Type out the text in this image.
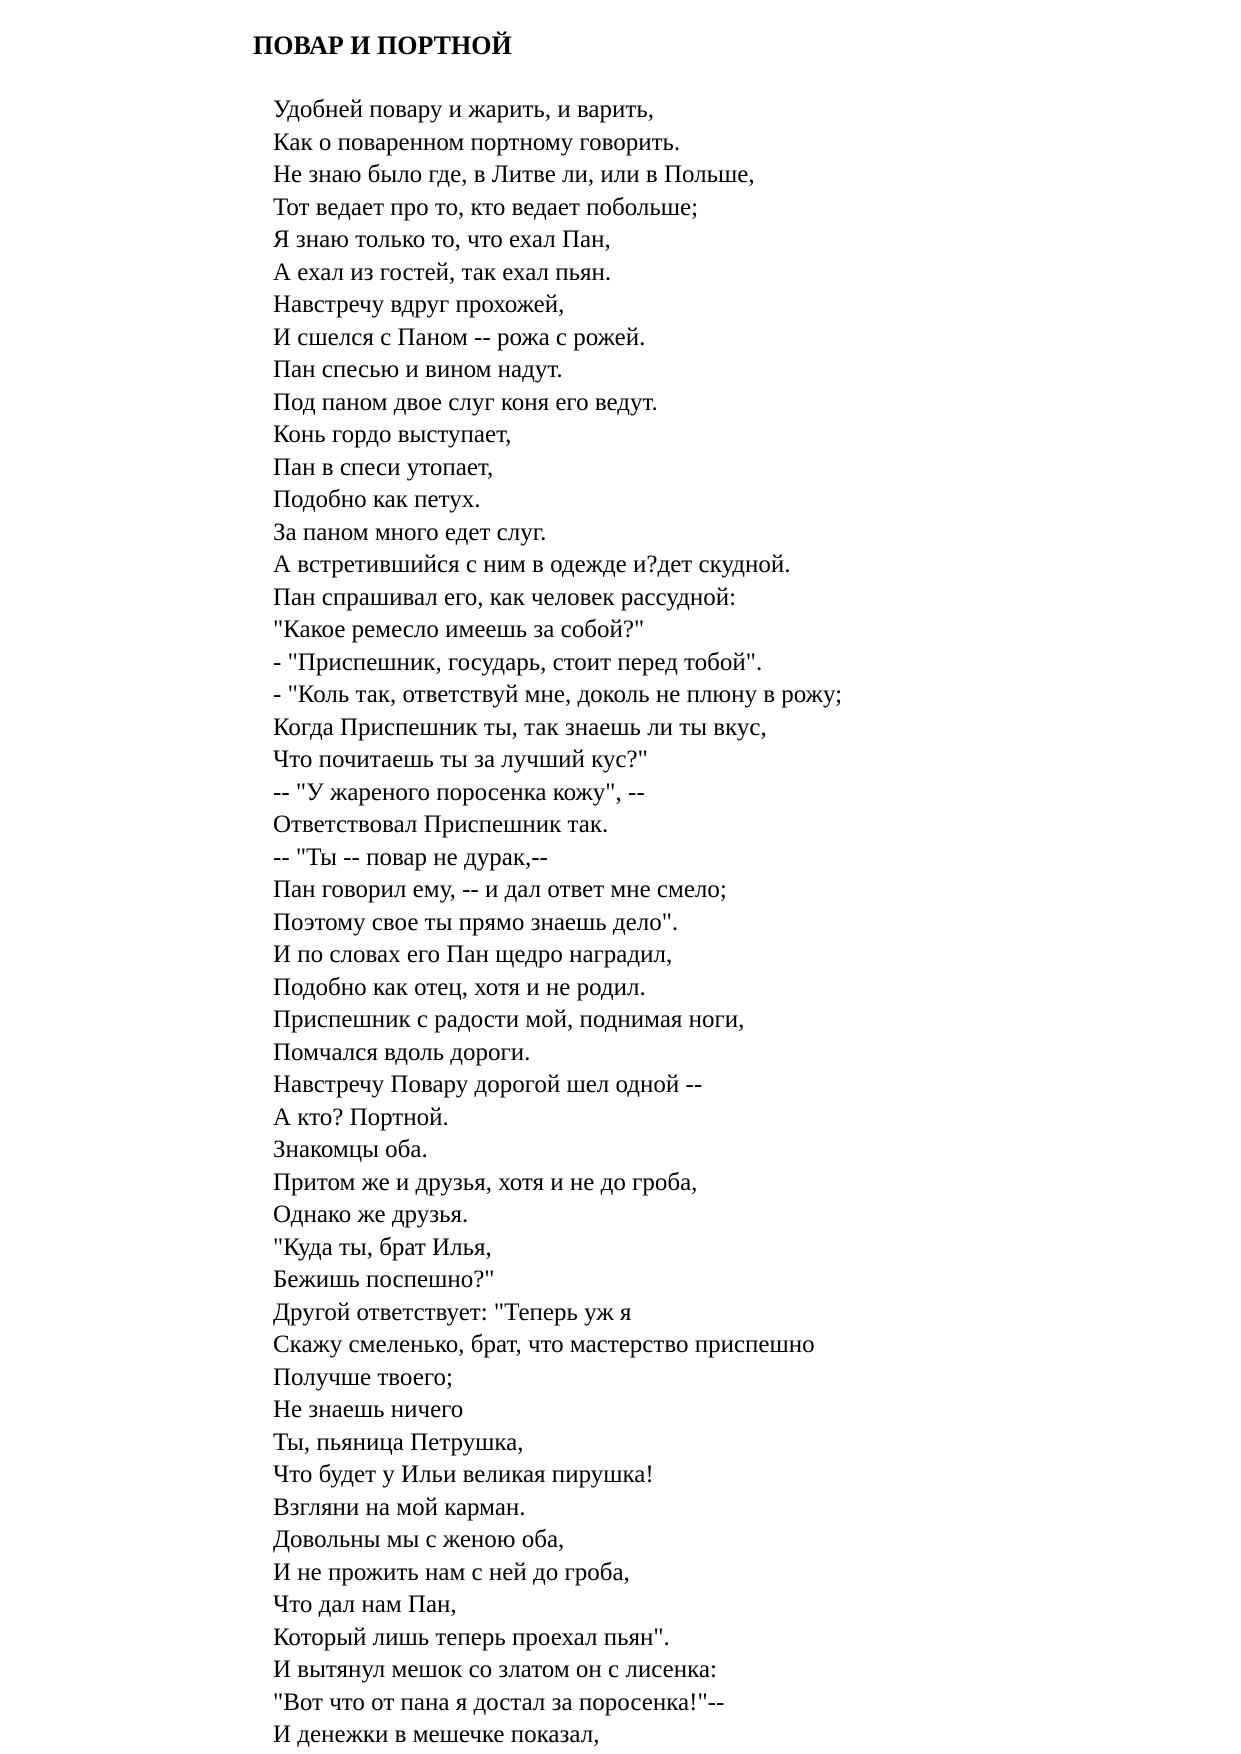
ПОВАР И ПОРТНОЙ
Удобней повару и жарить, и варить,
Как о поваренном портному говорить.
Не знаю было где, в Литве ли, или в Польше,
Тот ведает про то, кто ведает побольше;
Я знаю только то, что ехал Пан,
А ехал из гостей, так ехал пьян.
Навстречу вдруг прохожей,
И сшелся с Паном -- рожа с рожей.
Пан спесью и вином надут.
Под паном двое слуг коня его ведут.
Конь гордо выступает,
Пан в спеси утопает,
Подобно как петух.
За паном много едет слуг.
А встретившийся с ним в одежде и?дет скудной.
Пан спрашивал его, как человек рассудной:
"Какое ремесло имеешь за собой?"
- "Приспешник, государь, стоит перед тобой".
- "Коль так, ответствуй мне, доколь не плюну в рожу;
Когда Приспешник ты, так знаешь ли ты вкус,
Что почитаешь ты за лучший кус?"
-- "У жареного поросенка кожу", --
Ответствовал Приспешник так.
-- "Ты -- повар не дурак,--
Пан говорил ему, -- и дал ответ мне смело;
Поэтому свое ты прямо знаешь дело".
И по словах его Пан щедро наградил,
Подобно как отец, хотя и не родил.
Приспешник с радости мой, поднимая ноги,
Помчался вдоль дороги.
Навстречу Повару дорогой шел одной --
А кто? Портной.
Знакомцы оба.
Притом же и друзья, хотя и не до гроба,
Однако же друзья.
"Куда ты, брат Илья,
Бежишь поспешно?"
Другой ответствует: "Теперь уж я
Скажу смеленько, брат, что мастерство приспешно
Получше твоего;
Не знаешь ничего
Ты, пьяница Петрушка,
Что будет у Ильи великая пирушка!
Взгляни на мой карман.
Довольны мы с женою оба,
И не прожить нам с ней до гроба,
Что дал нам Пан,
Который лишь теперь проехал пьян".
И вытянул мешок со златом он с лисенка:
"Вот что от пана я достал за поросенка!"--
И денежки в мешечке показал,
